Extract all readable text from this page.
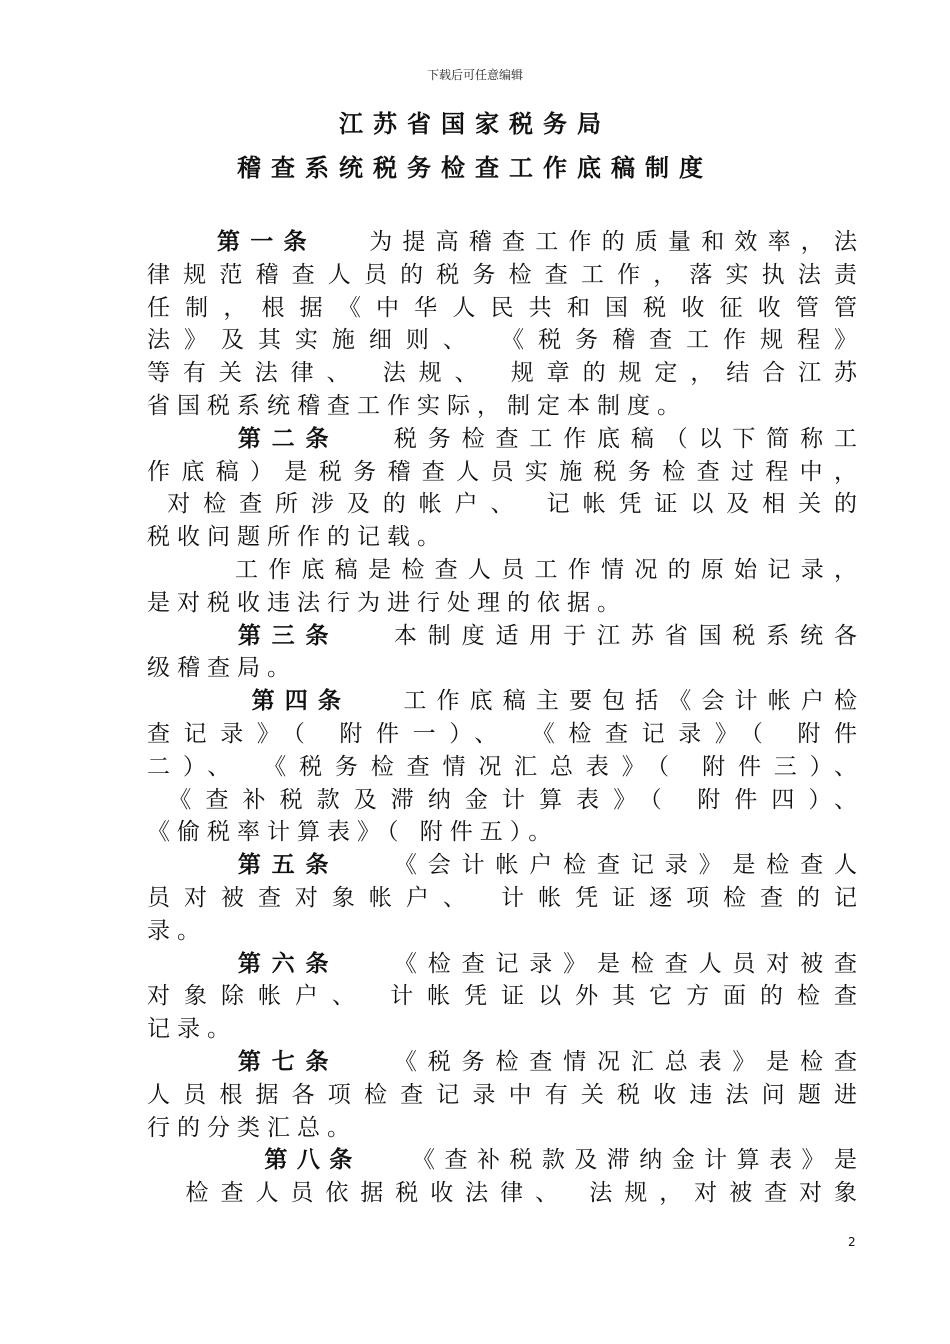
下载后可任意编辑
江苏省国家税务局
稽查系统税务检查工作底稿制度
第一条   为提高稽查工作的质量和效率，法
律规范稽查人员的税务检查工作，落实执法责
任制，根据《中华人民共和国税收征收管管
法》及其实施细则、 《税务稽查工作规程》
等有关法律、 法规、 规章的规定，结合江苏
省国税系统稽查工作实际，制定本制度。
第二条   税务检查工作底稿（以下简称工
作底稿）是税务稽查人员实施税务检查过程中，
对检查所涉及的帐户、 记帐凭证以及相关的
税收问题所作的记载。
工作底稿是检查人员工作情况的原始记录，
是对税收违法行为进行处理的依据。
第三条   本制度适用于江苏省国税系统各
级稽查局。
第四条   工作底稿主要包括《会计帐户检
查记录》（ 附件一）、 《检查记录》（ 附件
二）、 《税务检查情况汇总表》（ 附件三）、
《查补税款及滞纳金计算表》（ 附件四）、
《偷税率计算表》（ 附件五）。
第五条   《会计帐户检查记录》是检查人
员对被查对象帐户、 计帐凭证逐项检查的记
录。
第六条   《检查记录》是检查人员对被查
对象除帐户、 计帐凭证以外其它方面的检查
记录。
第七条   《税务检查情况汇总表》是检查
人员根据各项检查记录中有关税收违法问题进
行的分类汇总。
第八条   《查补税款及滞纳金计算表》是
检查人员依据税收法律、 法规，对被查对象
2
